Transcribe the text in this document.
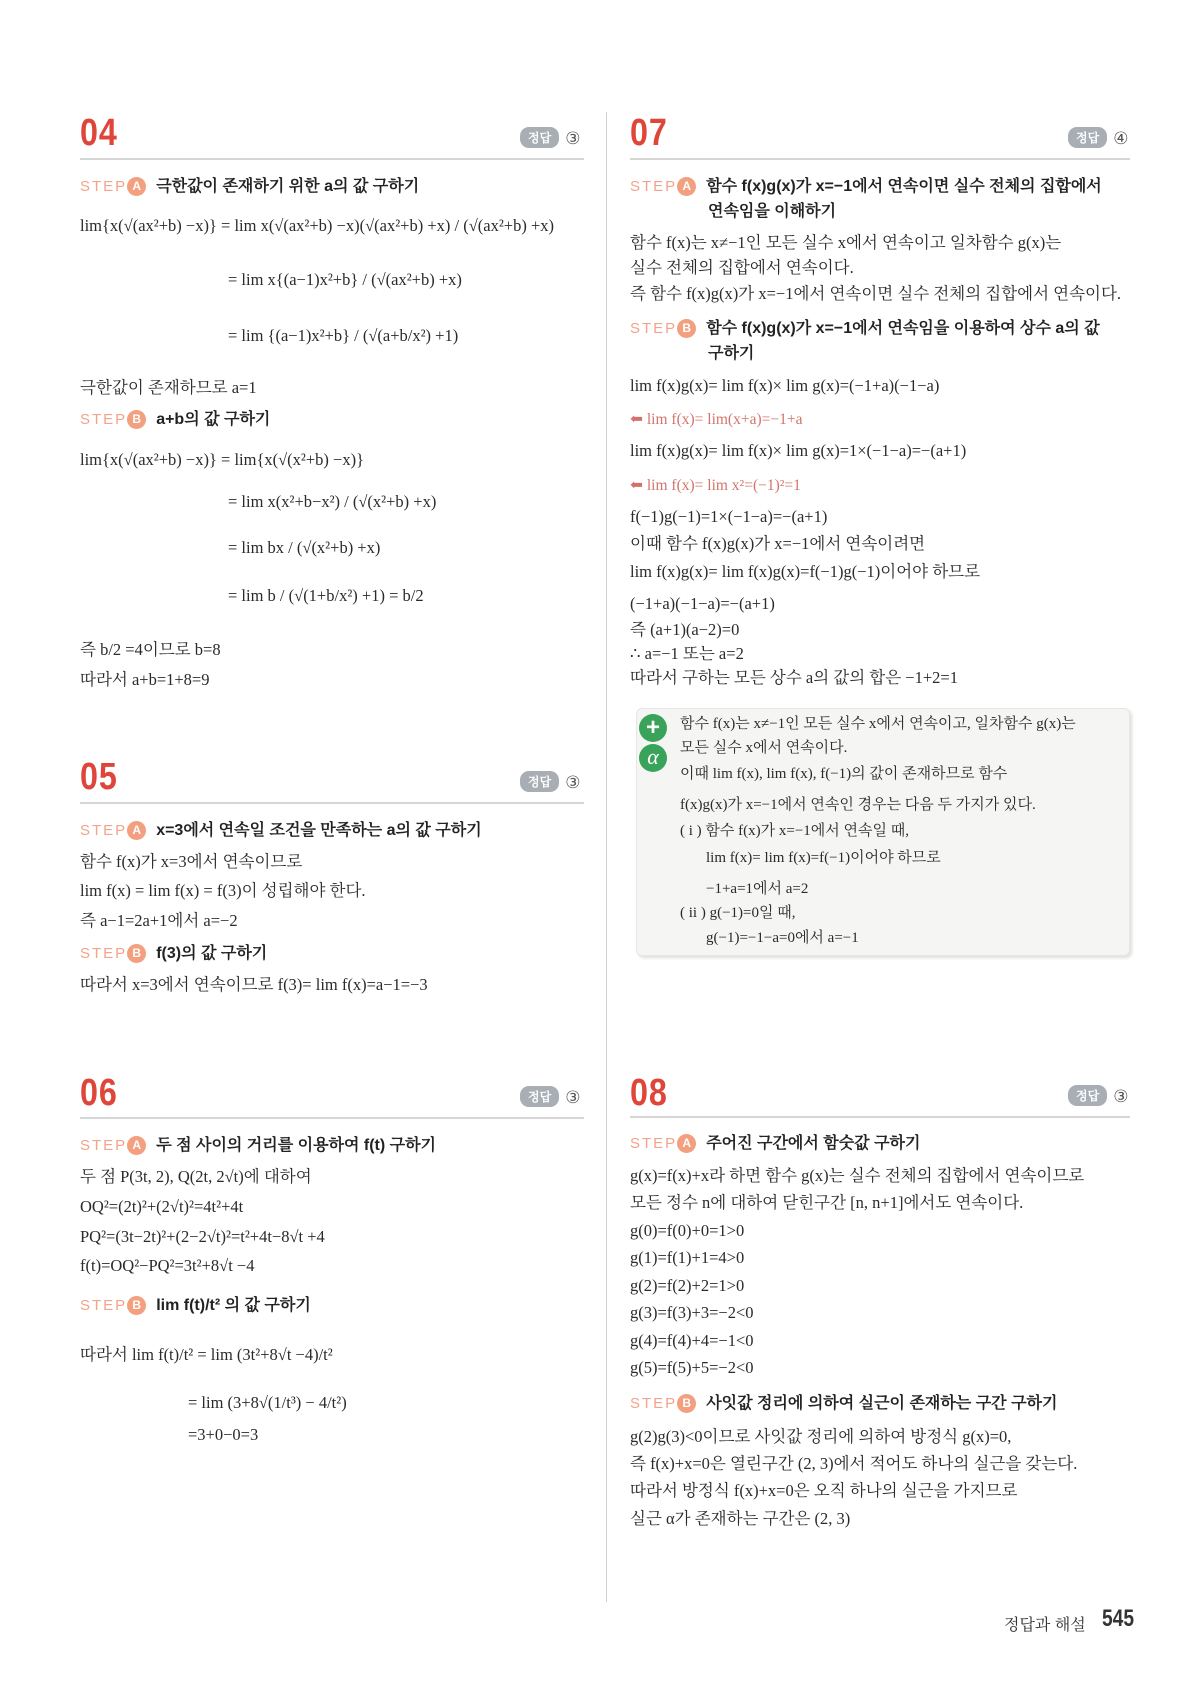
04	정답 ③
STEP A 극한값이 존재하기 위한 a의 값 구하기
lim{x(√(ax²+b) −x)} = lim x(√(ax²+b) −x)(√(ax²+b) +x) / (√(ax²+b) +x)
= lim x{(a−1)x²+b} / (√(ax²+b) +x)
= lim {(a−1)x²+b} / (√(a+b/x²) +1)
극한값이 존재하므로 a=1
STEP B a+b의 값 구하기
lim{x(√(ax²+b) −x)} = lim{x(√(x²+b) −x)}
= lim x(x²+b−x²) / (√(x²+b) +x)
= lim bx / (√(x²+b) +x)
= lim b / (√(1+b/x²) +1) = b/2
즉 b/2 =4이므로 b=8
따라서 a+b=1+8=9
05	정답 ③
STEP A x=3에서 연속일 조건을 만족하는 a의 값 구하기
함수 f(x)가 x=3에서 연속이므로
lim f(x) = lim f(x) = f(3)이 성립해야 한다.
즉 a−1=2a+1에서 a=−2
STEP B f(3)의 값 구하기
따라서 x=3에서 연속이므로 f(3)= lim f(x)=a−1=−3
06	정답 ③
STEP A 두 점 사이의 거리를 이용하여 f(t) 구하기
두 점 P(3t, 2), Q(2t, 2√t)에 대하여
OQ²=(2t)²+(2√t)²=4t²+4t
PQ²=(3t−2t)²+(2−2√t)²=t²+4t−8√t +4
f(t)=OQ²−PQ²=3t²+8√t −4
STEP B lim f(t)/t² 의 값 구하기
따라서 lim f(t)/t² = lim (3t²+8√t −4)/t²
= lim (3+8√(1/t³) − 4/t²)
=3+0−0=3
07	정답 ④
STEP A 함수 f(x)g(x)가 x=−1에서 연속이면 실수 전체의 집합에서
연속임을 이해하기
함수 f(x)는 x≠−1인 모든 실수 x에서 연속이고 일차함수 g(x)는
실수 전체의 집합에서 연속이다.
즉 함수 f(x)g(x)가 x=−1에서 연속이면 실수 전체의 집합에서 연속이다.
STEP B 함수 f(x)g(x)가 x=−1에서 연속임을 이용하여 상수 a의 값
구하기
lim f(x)g(x)= lim f(x)× lim g(x)=(−1+a)(−1−a)
⬅ lim f(x)= lim(x+a)=−1+a
lim f(x)g(x)= lim f(x)× lim g(x)=1×(−1−a)=−(a+1)
⬅ lim f(x)= lim x²=(−1)²=1
f(−1)g(−1)=1×(−1−a)=−(a+1)
이때 함수 f(x)g(x)가 x=−1에서 연속이려면
lim f(x)g(x)= lim f(x)g(x)=f(−1)g(−1)이어야 하므로
(−1+a)(−1−a)=−(a+1)
즉 (a+1)(a−2)=0
∴ a=−1 또는 a=2
따라서 구하는 모든 상수 a의 값의 합은 −1+2=1
+
α
함수 f(x)는 x≠−1인 모든 실수 x에서 연속이고, 일차함수 g(x)는
모든 실수 x에서 연속이다.
이때 lim f(x), lim f(x), f(−1)의 값이 존재하므로 함수
f(x)g(x)가 x=−1에서 연속인 경우는 다음 두 가지가 있다.
( i ) 함수 f(x)가 x=−1에서 연속일 때,
lim f(x)= lim f(x)=f(−1)이어야 하므로
−1+a=1에서 a=2
( ii ) g(−1)=0일 때,
g(−1)=−1−a=0에서 a=−1
08	정답 ③
STEP A 주어진 구간에서 함숫값 구하기
g(x)=f(x)+x라 하면 함수 g(x)는 실수 전체의 집합에서 연속이므로
모든 정수 n에 대하여 닫힌구간 [n, n+1]에서도 연속이다.
g(0)=f(0)+0=1>0
g(1)=f(1)+1=4>0
g(2)=f(2)+2=1>0
g(3)=f(3)+3=−2<0
g(4)=f(4)+4=−1<0
g(5)=f(5)+5=−2<0
STEP B 사잇값 정리에 의하여 실근이 존재하는 구간 구하기
g(2)g(3)<0이므로 사잇값 정리에 의하여 방정식 g(x)=0,
즉 f(x)+x=0은 열린구간 (2, 3)에서 적어도 하나의 실근을 갖는다.
따라서 방정식 f(x)+x=0은 오직 하나의 실근을 가지므로
실근 α가 존재하는 구간은 (2, 3)
정답과 해설 545
